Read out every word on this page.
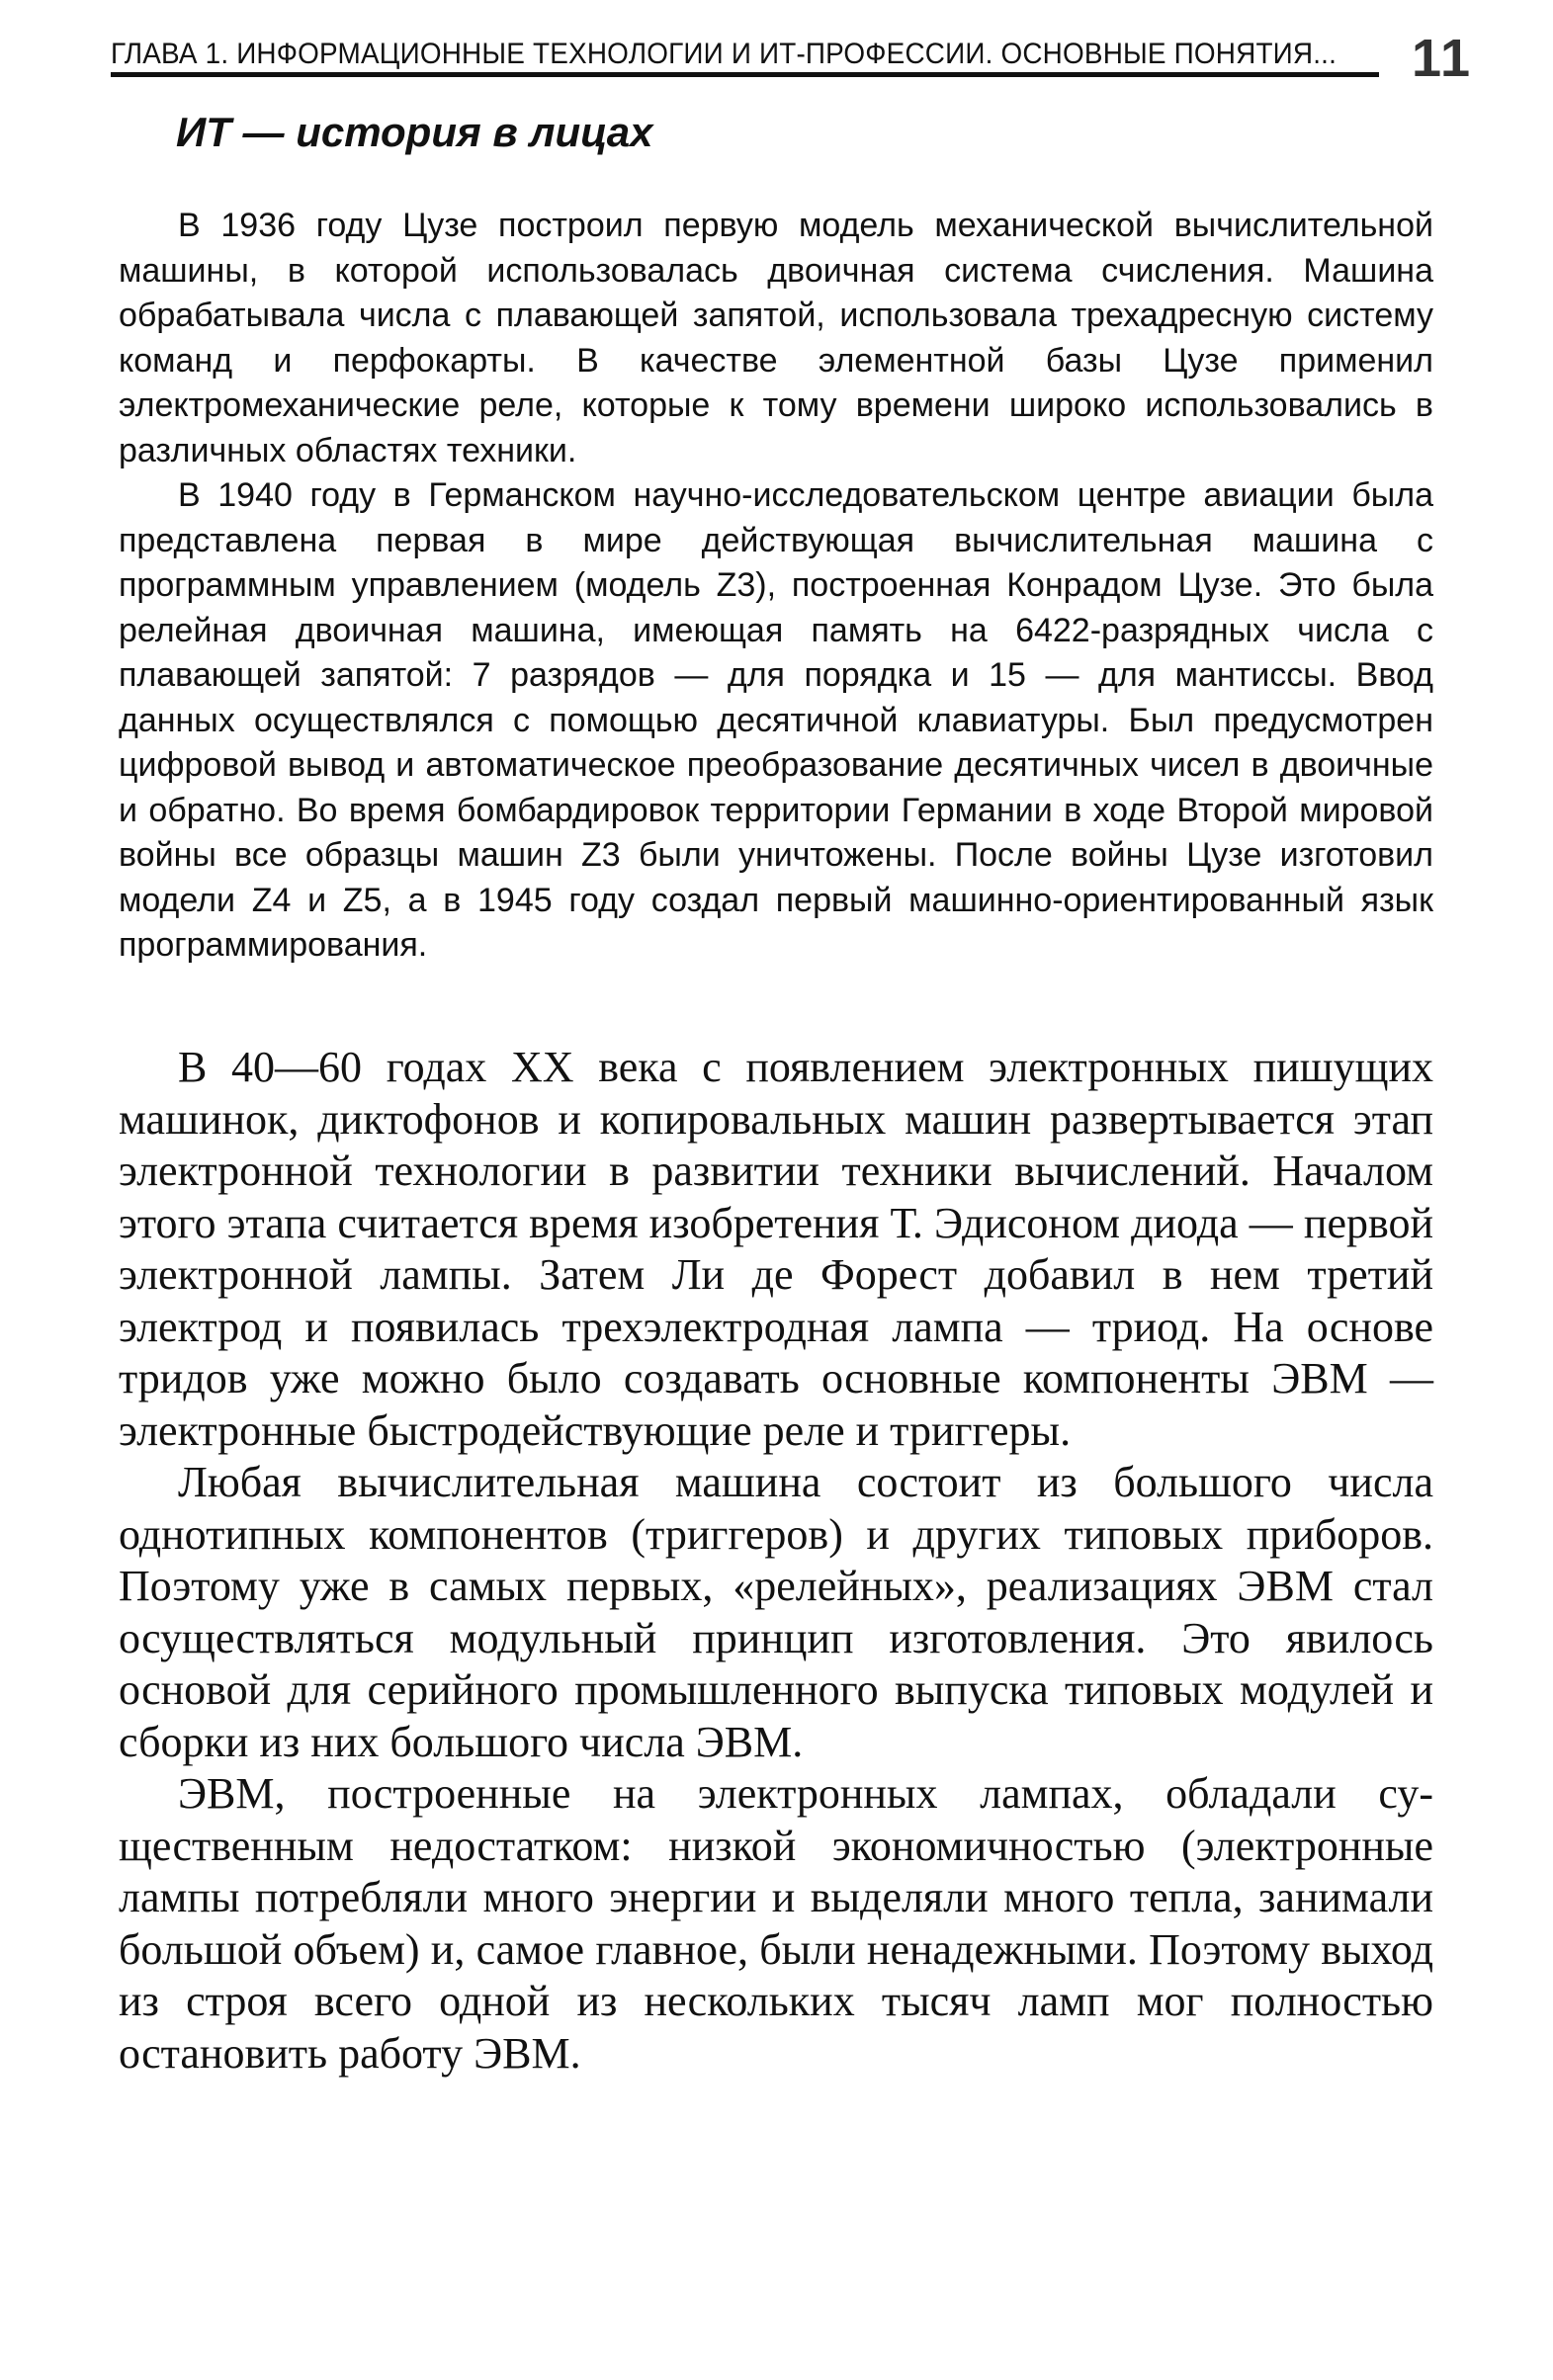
ГЛАВА 1. ИНФОРМАЦИОННЫЕ ТЕХНОЛОГИИ И ИТ-ПРОФЕССИИ. ОСНОВНЫЕ ПОНЯТИЯ... 11
ИТ — история в лицах

В 1936 году Цузе построил первую модель механической вычислительной машины, в которой использовалась двоичная система счисления. Машина обрабатывала числа с плавающей запятой, использовала трехадресную систему команд и перфокарты. В качестве элементной базы Цузе применил электромеханические реле, которые к тому времени широко использовались в различных областях техники.

В 1940 году в Германском научно-исследовательском центре авиации была представлена первая в мире действующая вычислительная машина с программным управлением (модель Z3), построенная Конрадом Цузе. Это была релейная двоичная машина, имеющая память на 6422-разрядных числа с плавающей запятой: 7 разрядов — для порядка и 15 — для мантиссы. Ввод данных осуществлялся с помощью десятичной клавиатуры. Был предусмотрен цифровой вывод и автоматическое преобразование десятичных чисел в двоичные и обратно. Во время бомбардировок территории Германии в ходе Второй мировой войны все образцы машин Z3 были уничтожены. После войны Цузе изготовил модели Z4 и Z5, а в 1945 году создал первый машинно-ориентированный язык программирования.

В 40—60 годах XX века с появлением электронных пишущих машинок, диктофонов и копировальных машин развертывается этап электронной технологии в развитии техники вычислений. Началом этого этапа считается время изобретения Т. Эдисоном диода — первой электронной лампы. Затем Ли де Форест добавил в нем третий электрод и появилась трехэлектродная лампа — триод. На основе тридов уже можно было создавать основные компоненты ЭВМ — электронные быстродействующие реле и триггеры.

Любая вычислительная машина состоит из большого числа однотипных компонентов (триггеров) и других типовых приборов. Поэтому уже в самых первых, «релейных», реализациях ЭВМ стал осуществляться модульный принцип изготовления. Это явилось основой для серийного промышленного выпуска типовых модулей и сборки из них большого числа ЭВМ.

ЭВМ, построенные на электронных лампах, обладали существенным недостатком: низкой экономичностью (электронные лампы потребляли много энергии и выделяли много тепла, занимали большой объем) и, самое главное, были ненадежными. Поэтому выход из строя всего одной из нескольких тысяч ламп мог полностью остановить работу ЭВМ.
